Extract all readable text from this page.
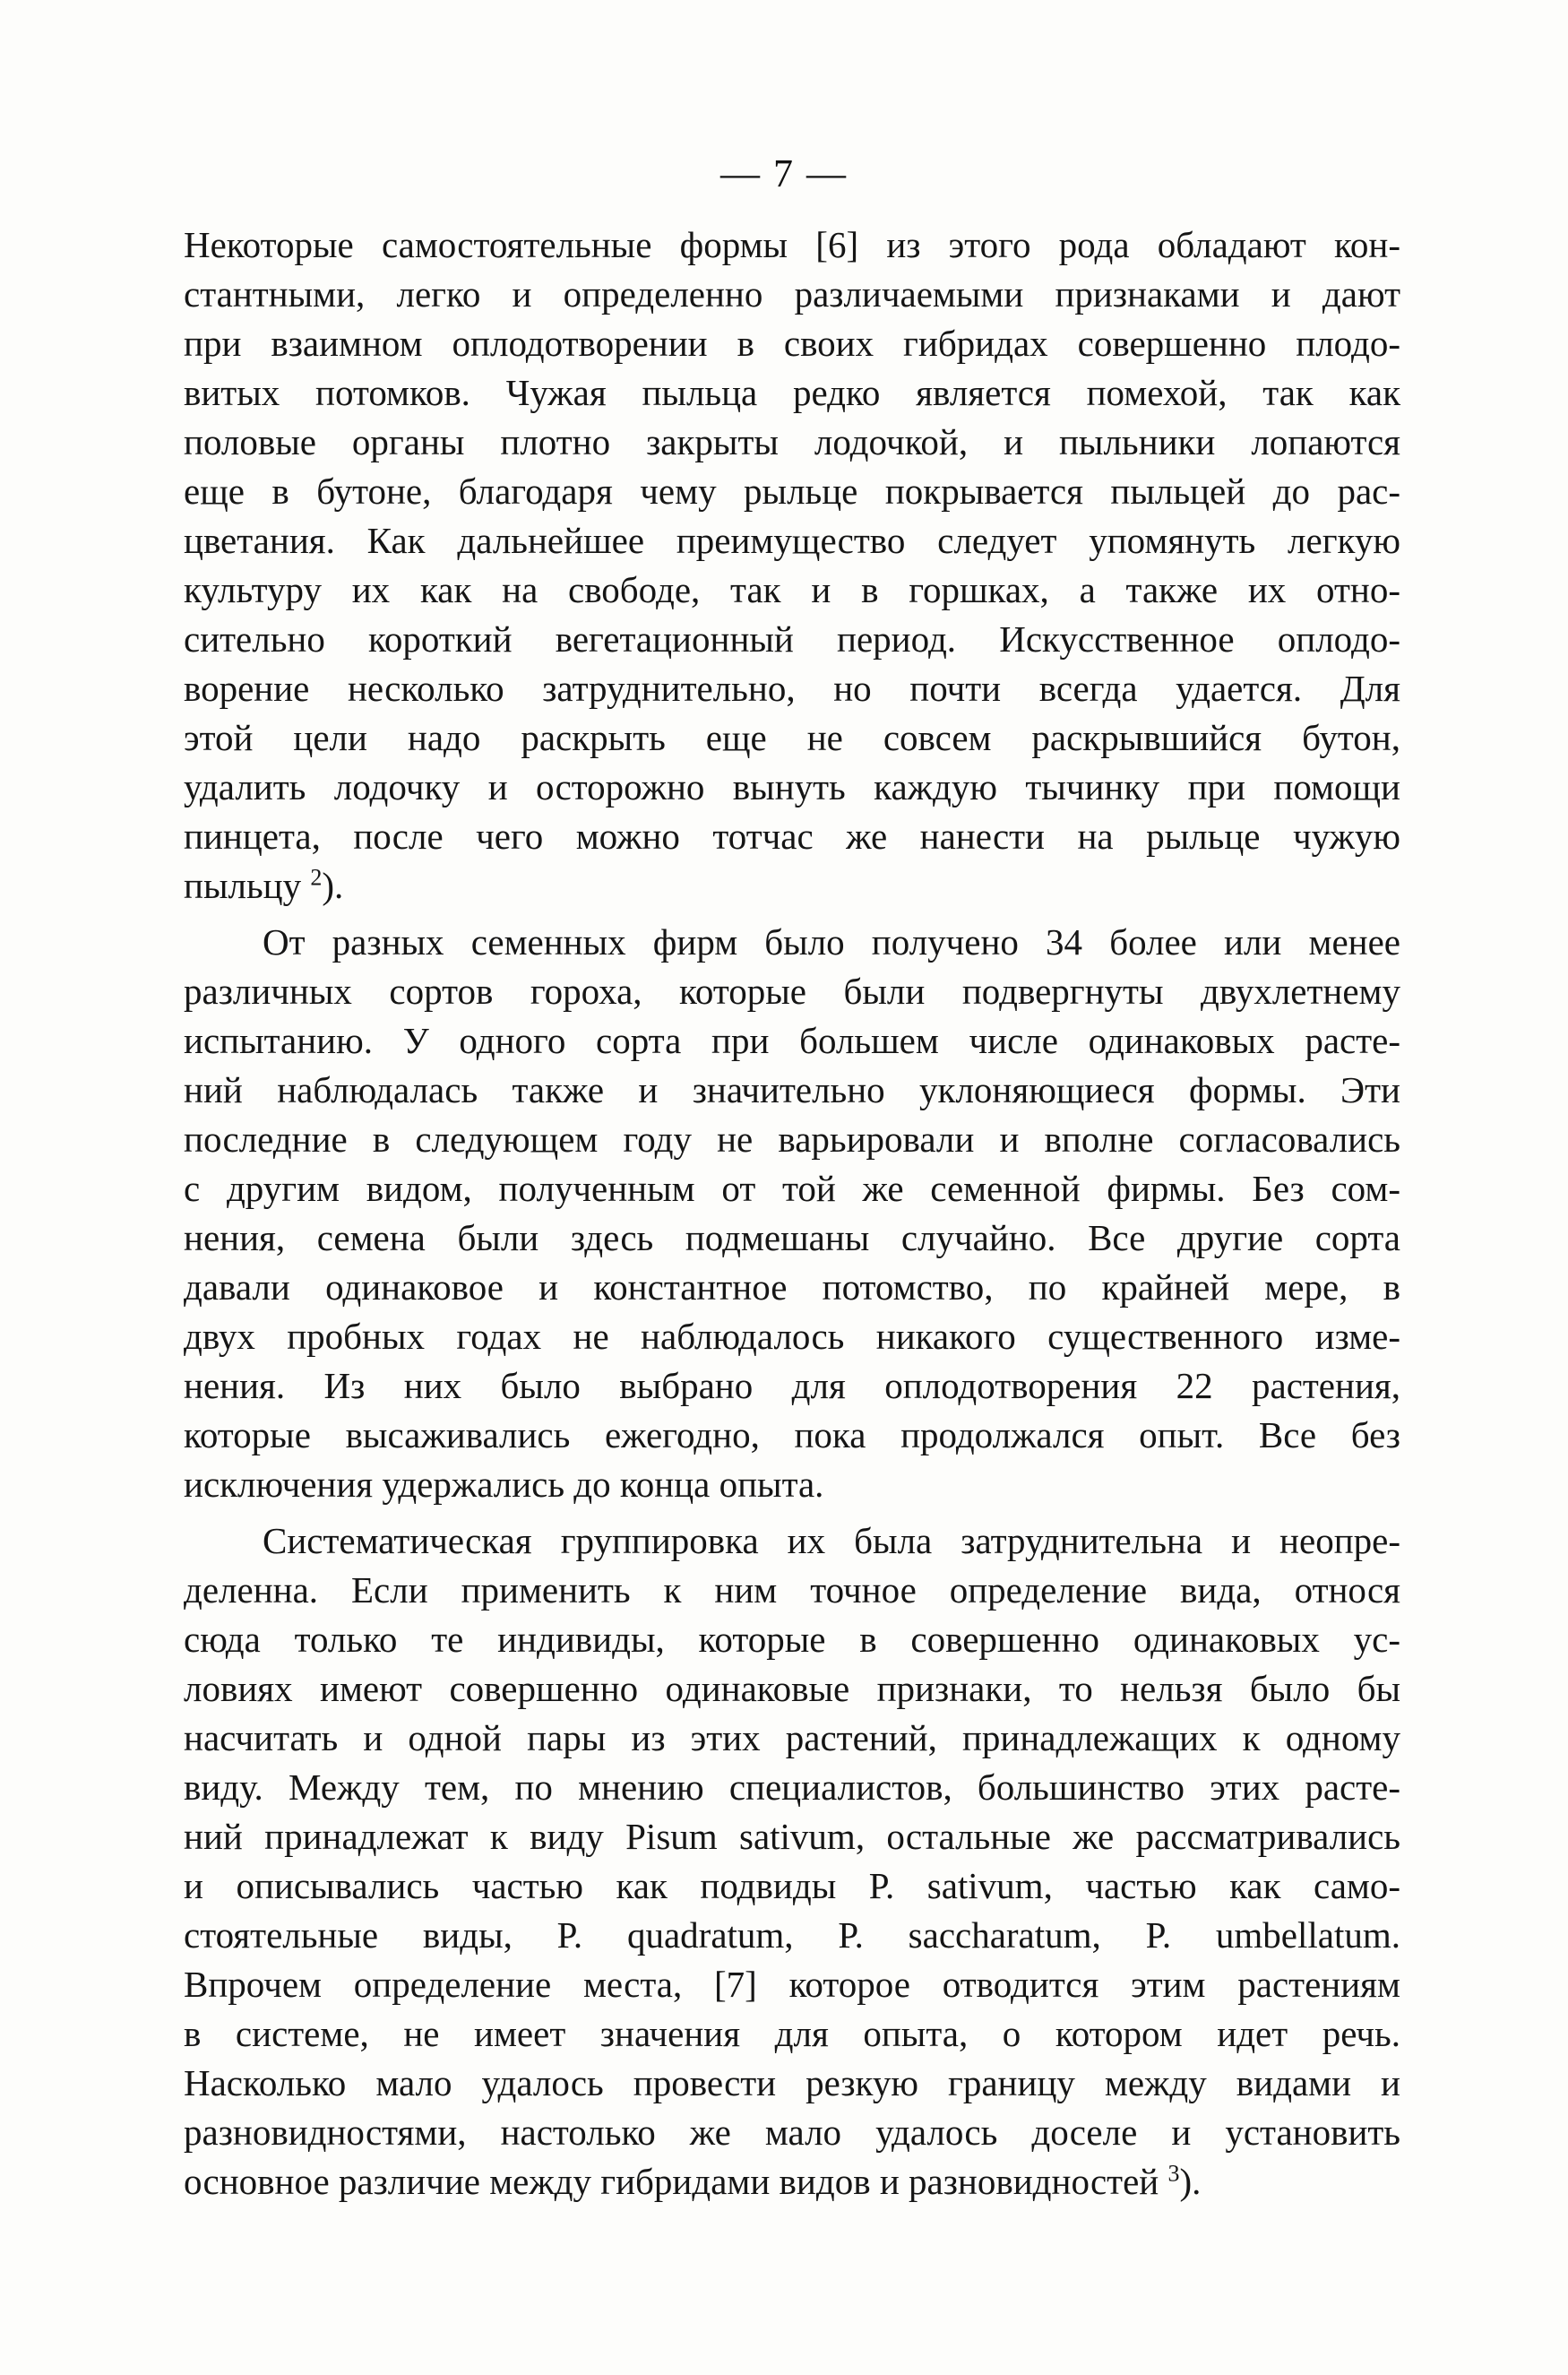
— 7 —

Некоторые самостоятельные формы [6] из этого рода обладают кон-
стантными, легко и определенно различаемыми признаками и дают
при взаимном оплодотворении в своих гибридах совершенно плодо-
витых потомков. Чужая пыльца редко является помехой, так как
половые органы плотно закрыты лодочкой, и пыльники лопаются
еще в бутоне, благодаря чему рыльце покрывается пыльцей до рас-
цветания. Как дальнейшее преимущество следует упомянуть легкую
культуру их как на свободе, так и в горшках, а также их отно-
сительно короткий вегетационный период. Искусственное оплодо-
ворение несколько затруднительно, но почти всегда удается. Для
этой цели надо раскрыть еще не совсем раскрывшийся бутон,
удалить лодочку и осторожно вынуть каждую тычинку при помощи
пинцета, после чего можно тотчас же нанести на рыльце чужую
пыльцу $^2$).

От разных семенных фирм было получено 34 более или менее
различных сортов гороха, которые были подвергнуты двухлетнему
испытанию. У одного сорта при большем числе одинаковых расте-
ний наблюдалась также и значительно уклоняющиеся формы. Эти
последние в следующем году не варьировали и вполне согласовались
с другим видом, полученным от той же семенной фирмы. Без сом-
нения, семена были здесь подмешаны случайно. Все другие сорта
давали одинаковое и константное потомство, по крайней мере, в
двух пробных годах не наблюдалось никакого существенного изме-
нения. Из них было выбрано для оплодотворения 22 растения,
которые высаживались ежегодно, пока продолжался опыт. Все без
исключения удержались до конца опыта.

Систематическая группировка их была затруднительна и неопре-
деленна. Если применить к ним точное определение вида, относя
сюда только те индивиды, которые в совершенно одинаковых ус-
ловиях имеют совершенно одинаковые признаки, то нельзя было бы
насчитать и одной пары из этих растений, принадлежащих к одному
виду. Между тем, по мнению специалистов, большинство этих расте-
ний принадлежат к виду Pisum sativum, остальные же рассматривались
и описывались частью как подвиды P. sativum, частью как само-
стоятельные виды, P. quadratum, P. saccharatum, P. umbellatum.
Впрочем определение места, [7] которое отводится этим растениям
в системе, не имеет значения для опыта, о котором идет речь.
Насколько мало удалось провести резкую границу между видами и
разновидностями, настолько же мало удалось доселе и установить
основное различие между гибридами видов и разновидностей $^3$).
